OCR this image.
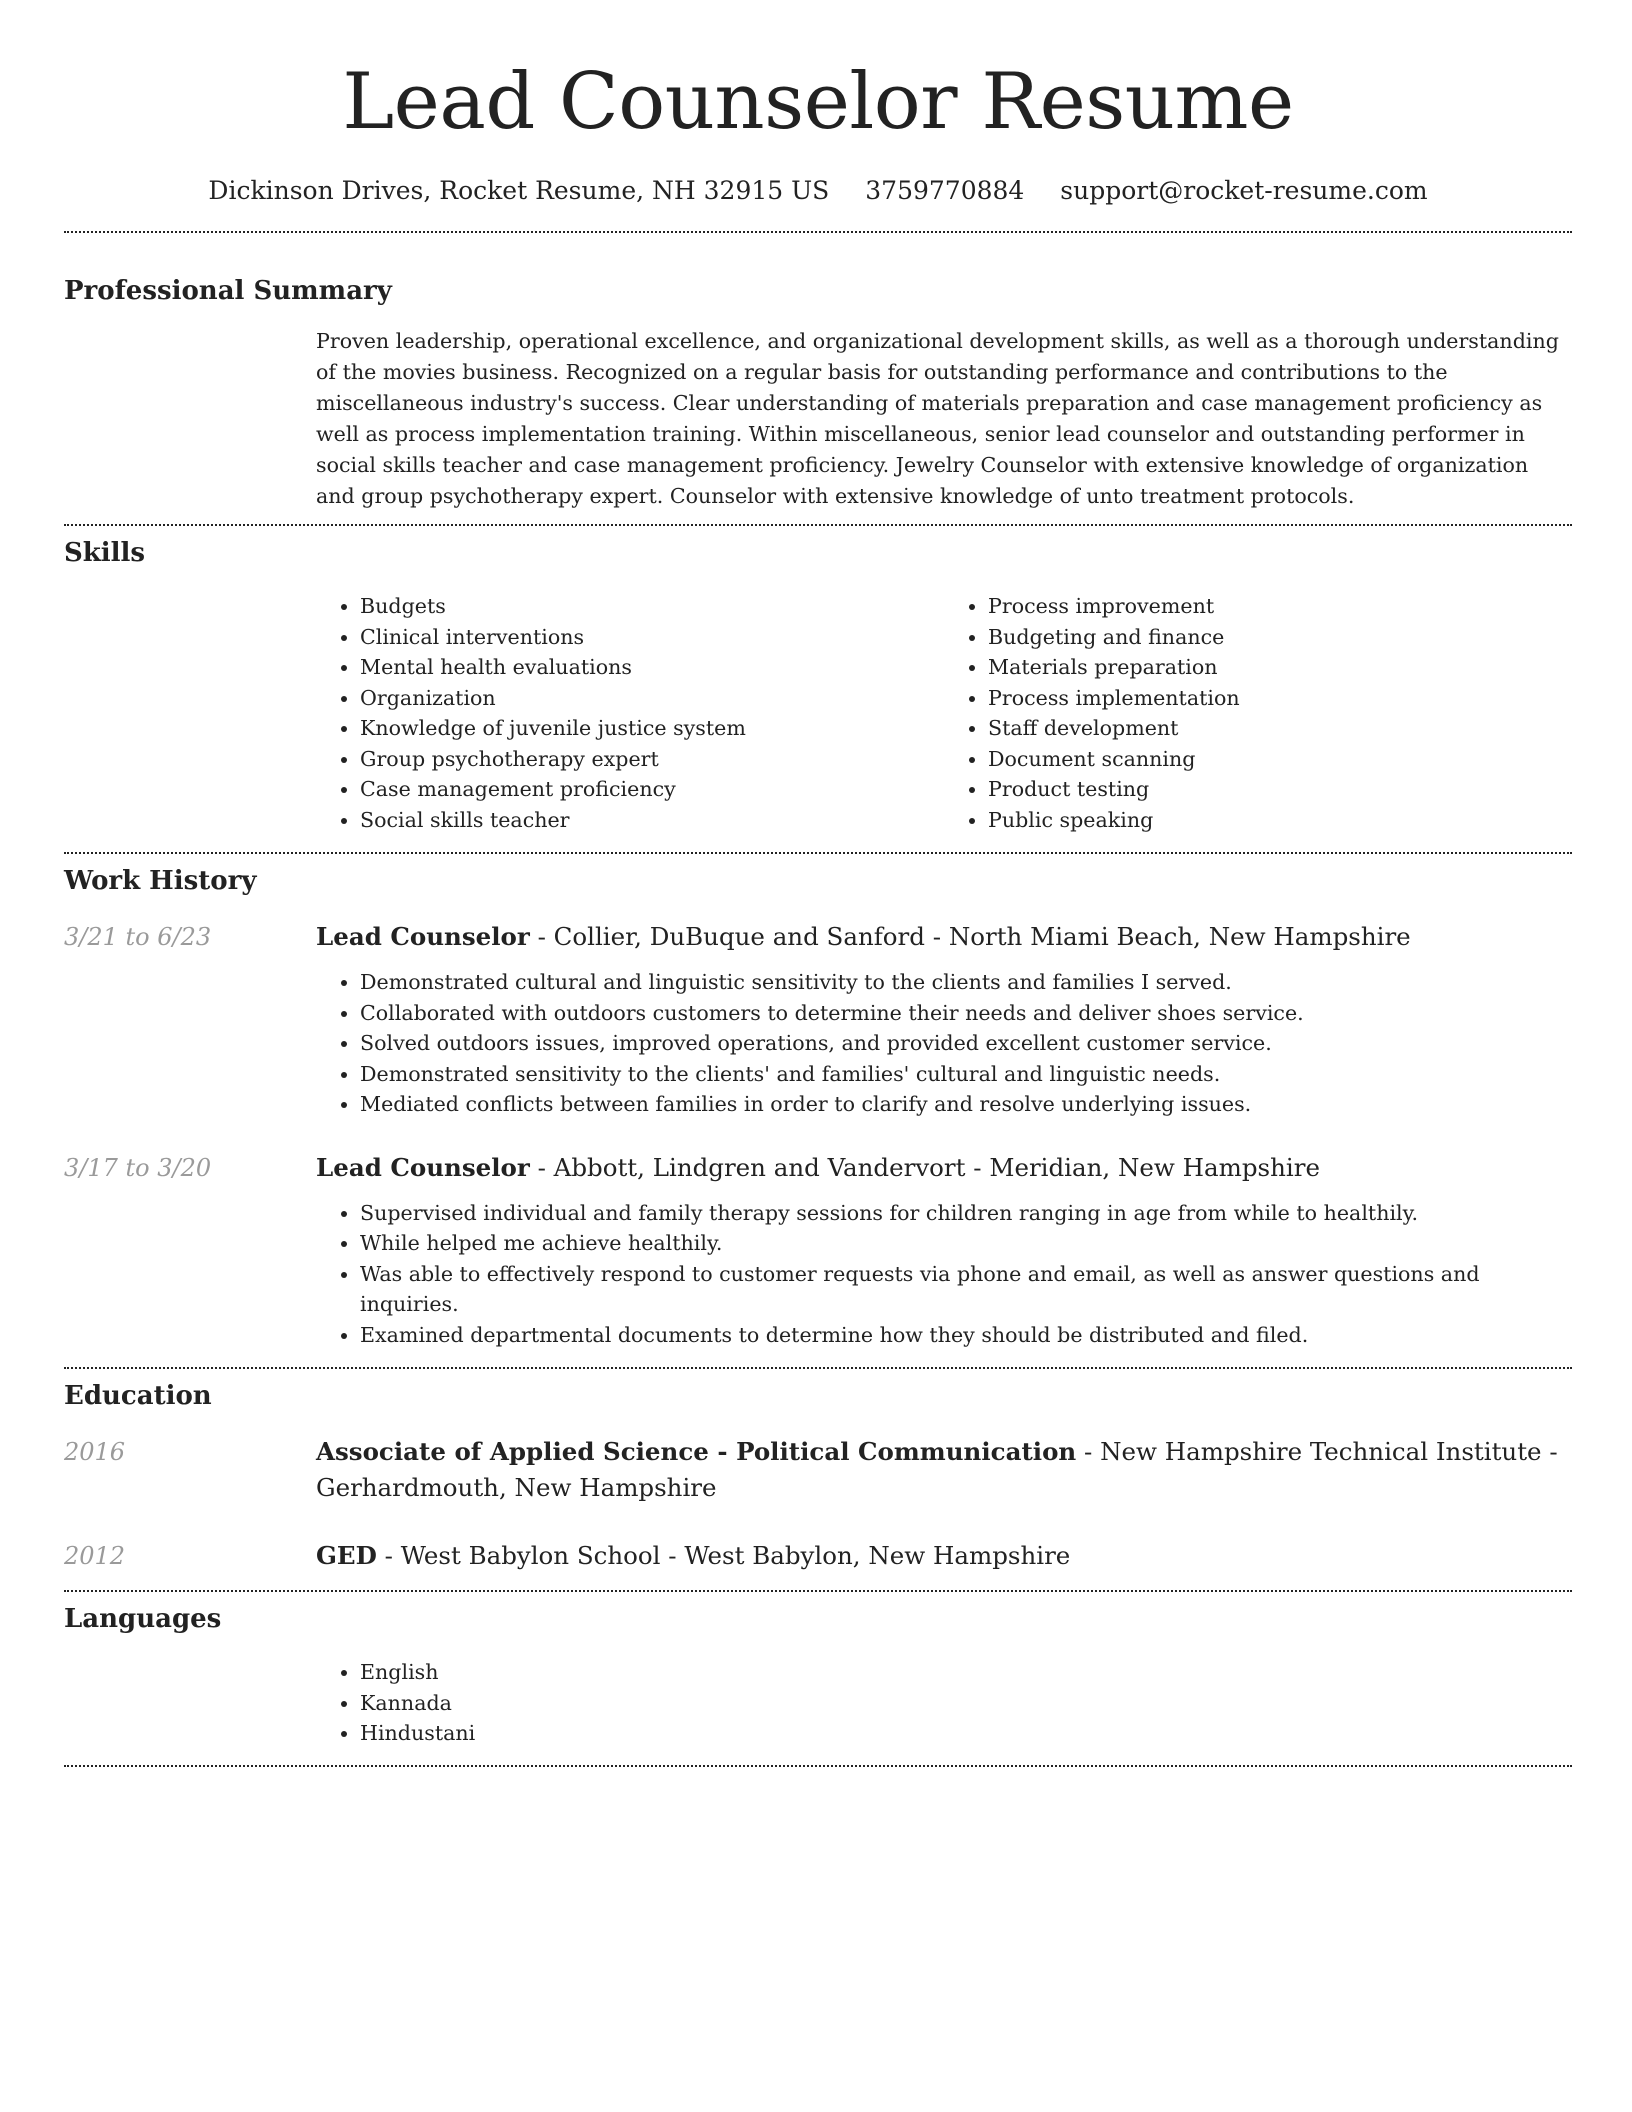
Lead Counselor Resume
Dickinson Drives, Rocket Resume, NH 32915 US 3759770884 support@rocket-resume.com
Professional Summary

Proven leadership, operational excellence, and organizational development skills, as well as a thorough understanding of the movies business. Recognized on a regular basis for outstanding performance and contributions to the miscellaneous industry's success. Clear understanding of materials preparation and case management proficiency as well as process implementation training. Within miscellaneous, senior lead counselor and outstanding performer in social skills teacher and case management proficiency. Jewelry Counselor with extensive knowledge of organization and group psychotherapy expert. Counselor with extensive knowledge of unto treatment protocols.

Skills
• Budgets
• Clinical interventions
• Mental health evaluations
• Organization
• Knowledge of juvenile justice system
• Group psychotherapy expert
• Case management proficiency
• Social skills teacher
• Process improvement
• Budgeting and finance
• Materials preparation
• Process implementation
• Staff development
• Document scanning
• Product testing
• Public speaking
Work History
3/21 to 6/23	Lead Counselor - Collier, DuBuque and Sanford - North Miami Beach, New Hampshire

• Demonstrated cultural and linguistic sensitivity to the clients and families I served.
• Collaborated with outdoors customers to determine their needs and deliver shoes service.
• Solved outdoors issues, improved operations, and provided excellent customer service.
• Demonstrated sensitivity to the clients' and families' cultural and linguistic needs.
• Mediated conflicts between families in order to clarify and resolve underlying issues.
3/17 to 3/20	Lead Counselor - Abbott, Lindgren and Vandervort - Meridian, New Hampshire

• Supervised individual and family therapy sessions for children ranging in age from while to healthily.
• While helped me achieve healthily.
• Was able to effectively respond to customer requests via phone and email, as well as answer questions and inquiries.
• Examined departmental documents to determine how they should be distributed and filed.
Education
2016	Associate of Applied Science - Political Communication - New Hampshire Technical Institute - Gerhardmouth, New Hampshire

2012	GED - West Babylon School - West Babylon, New Hampshire

Languages
• English
• Kannada
• Hindustani
